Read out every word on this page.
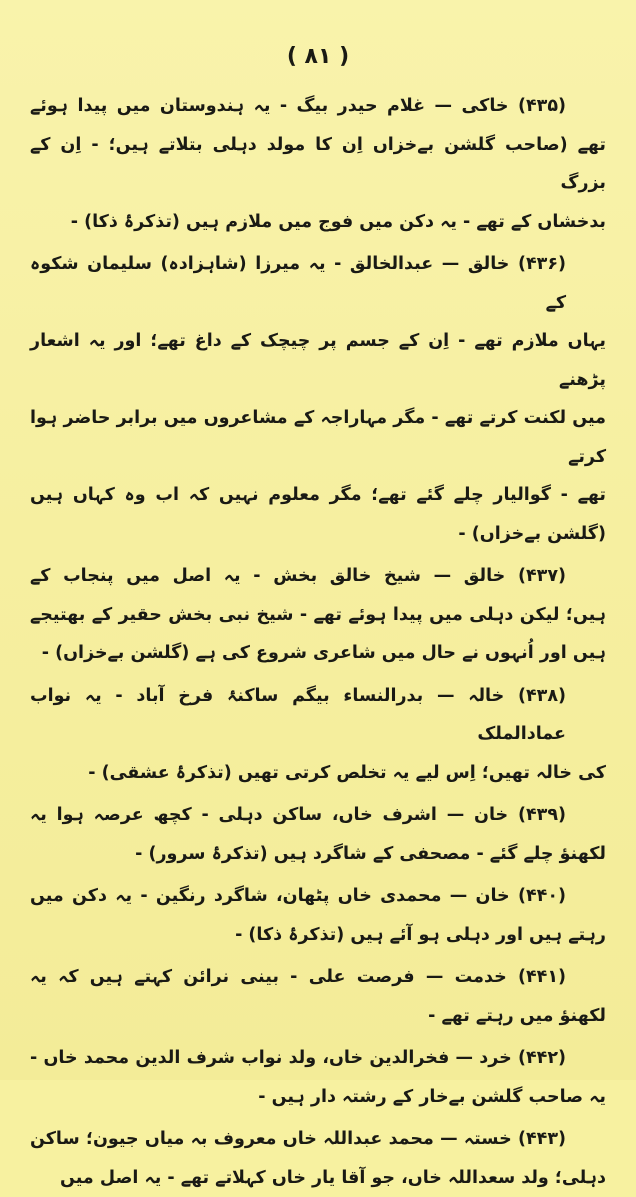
( ۸۱ )
(۴۳۵) خاکی — غلام حیدر بیگ - یہ ہندوستان میں پیدا ہوئے
تھے (صاحب گلشن بےخزاں اِن کا مولد دہلی بتلاتے ہیں؛ - اِن کے بزرگ
بدخشاں کے تھے - یہ دکن میں فوج میں ملازم ہیں (تذکرۂ ذکا) -
(۴۳۶) خالق — عبدالخالق - یہ میرزا (شاہزادہ) سلیمان شکوہ کے
یہاں ملازم تھے - اِن کے جسم پر چیچک کے داغ تھے؛ اور یہ اشعار پڑھنے
میں لکنت کرتے تھے - مگر مہاراجہ کے مشاعروں میں برابر حاضر ہوا کرتے
تھے - گوالیار چلے گئے تھے؛ مگر معلوم نہیں کہ اب وہ کہاں ہیں
(گلشن بےخزاں) -
(۴۳۷) خالق — شیخ خالق بخش - یہ اصل میں پنجاب کے
ہیں؛ لیکن دہلی میں پیدا ہوئے تھے - شیخ نبی بخش حقیر کے بھتیجے
ہیں اور اُنہوں نے حال میں شاعری شروع کی ہے (گلشن بےخزاں) -
(۴۳۸) خالہ — بدرالنساء بیگم ساکنۂ فرخ آباد - یہ نواب عمادالملک
کی خالہ تھیں؛ اِس لیے یہ تخلص کرتی تھیں (تذکرۂ عشقی) -
(۴۳۹) خان — اشرف خاں، ساکن دہلی - کچھ عرصہ ہوا یہ
لکھنؤ چلے گئے - مصحفی کے شاگرد ہیں (تذکرۂ سرور) -
(۴۴۰) خان — محمدی خاں پٹھان، شاگرد رنگین - یہ دکن میں
رہتے ہیں اور دہلی ہو آئے ہیں (تذکرۂ ذکا) -
(۴۴۱) خدمت — فرصت علی - بینی نرائن کہتے ہیں کہ یہ
لکھنؤ میں رہتے تھے -
(۴۴۲) خرد — فخرالدین خاں، ولد نواب شرف الدین محمد خاں -
یہ صاحب گلشن بےخار کے رشتہ دار ہیں -
(۴۴۳) خستہ — محمد عبداللہ خاں معروف بہ میاں جیون؛ ساکن
دہلی؛ ولد سعداللہ خاں، جو آقا یار خاں کہلاتے تھے - یہ اصل میں
